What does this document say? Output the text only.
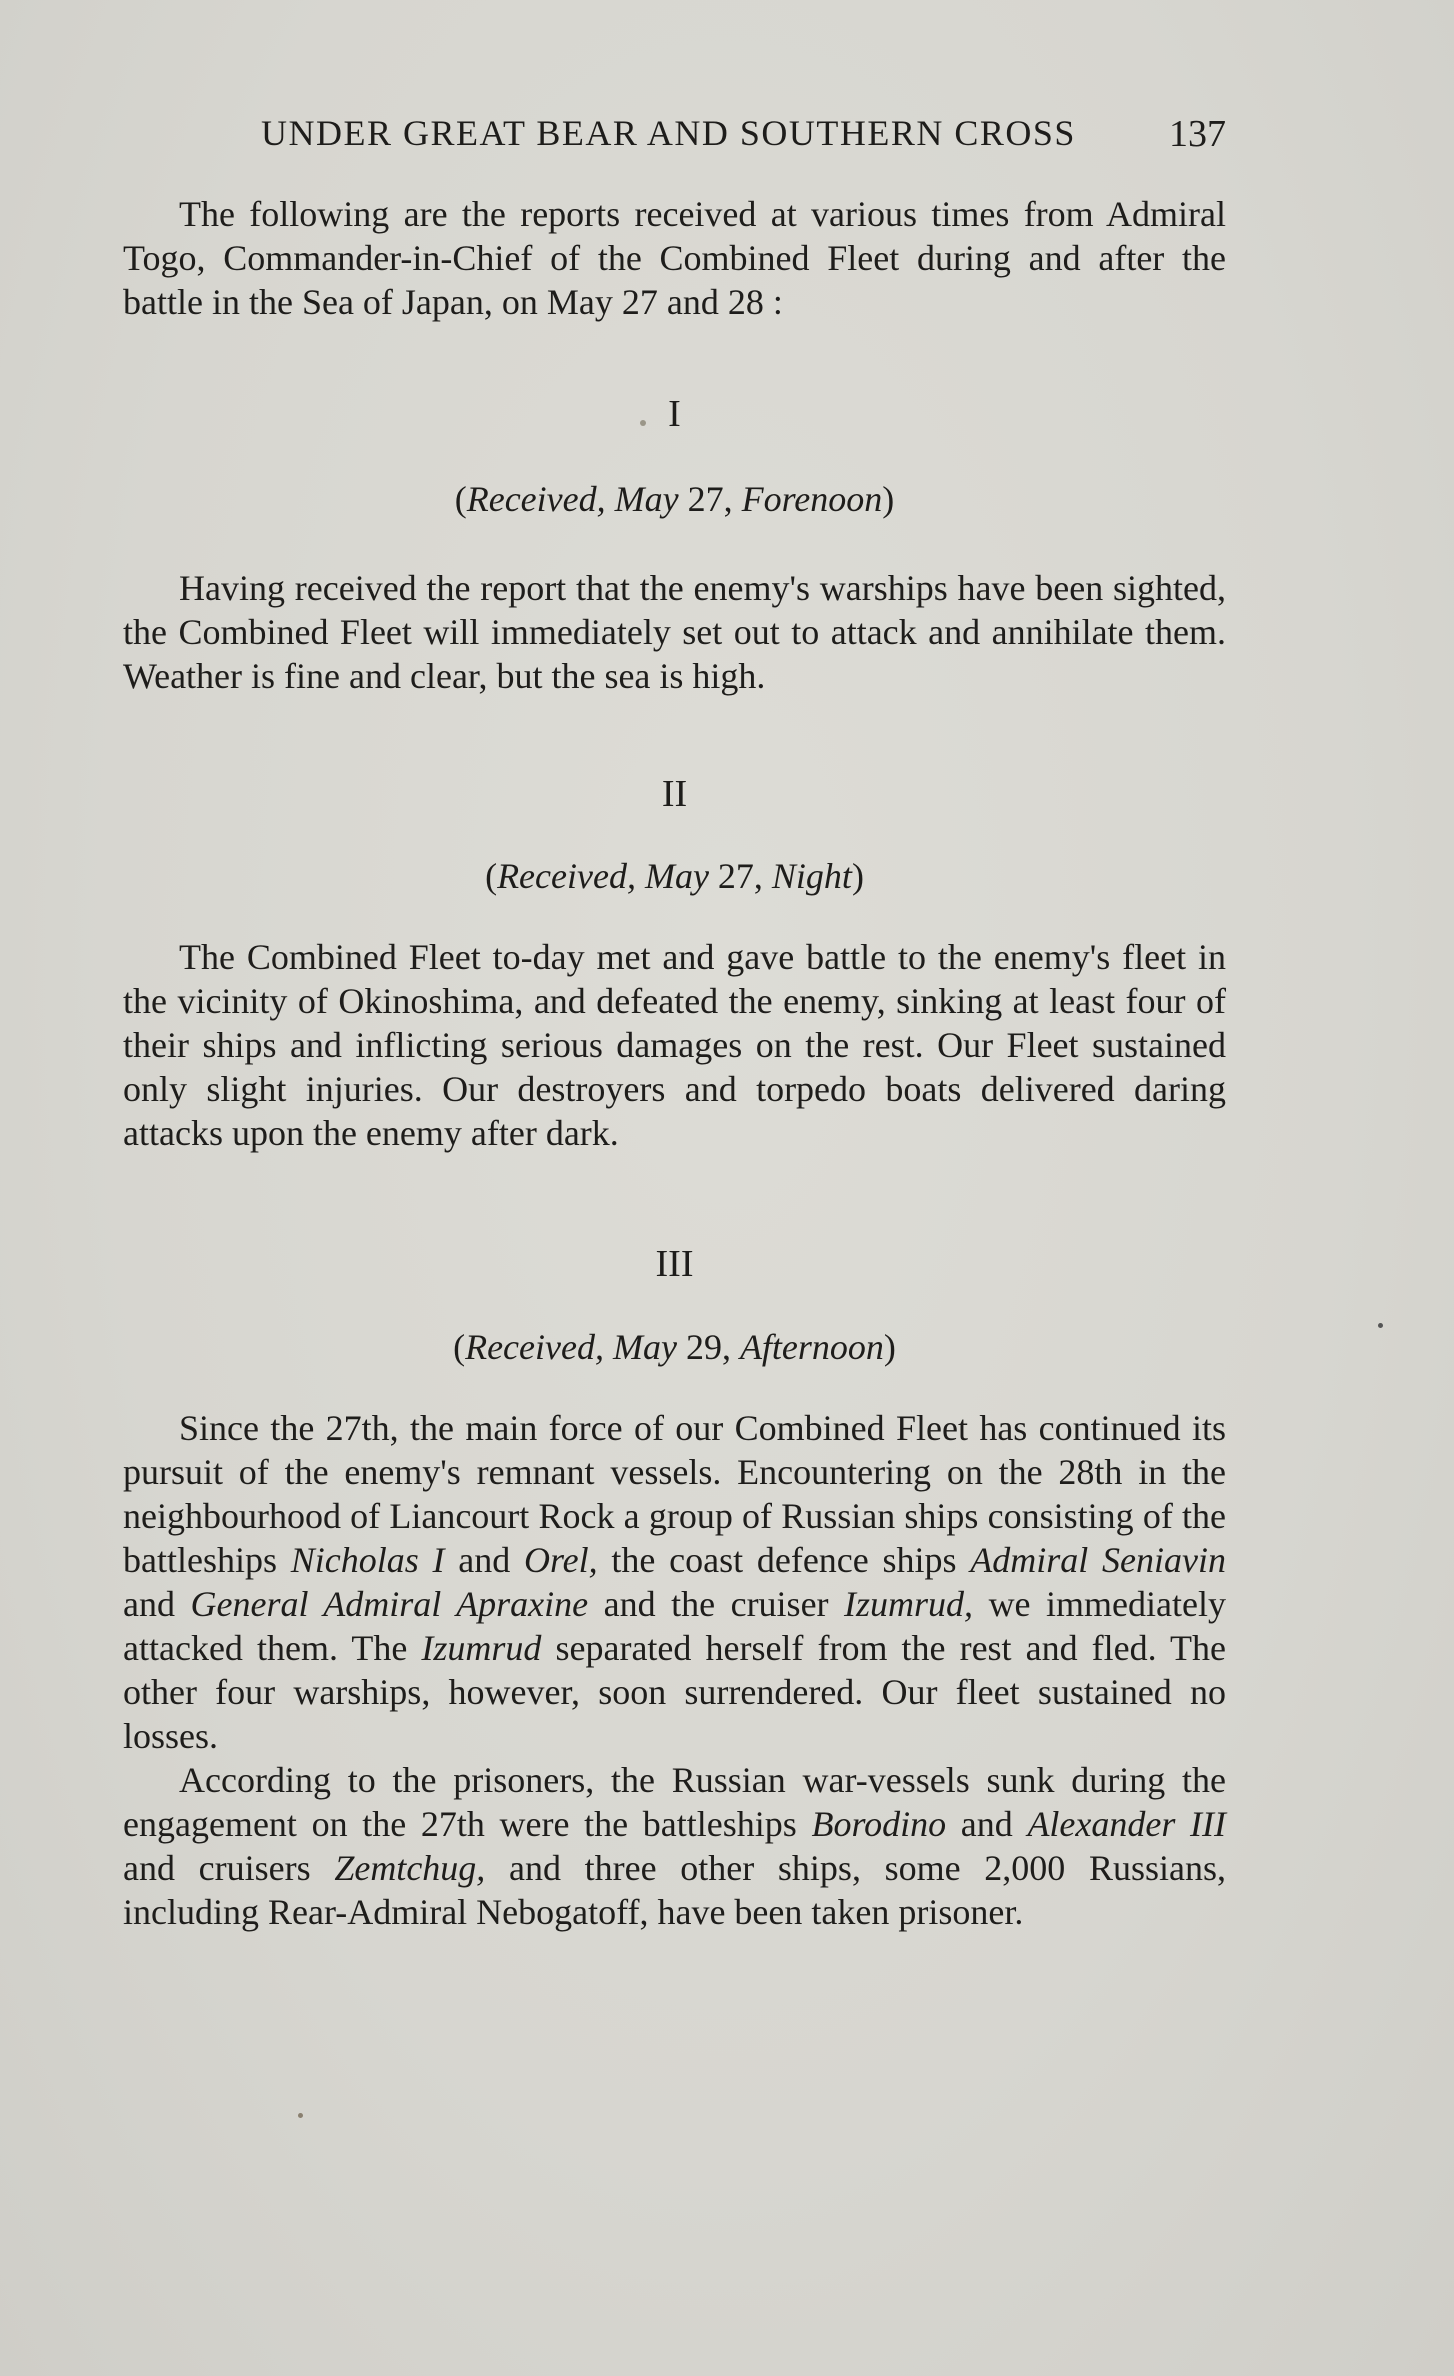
UNDER GREAT BEAR AND SOUTHERN CROSS 137

The following are the reports received at various times from Admiral Togo, Commander-in-Chief of the Combined Fleet during and after the battle in the Sea of Japan, on May 27 and 28 :

I
(Received, May 27, Forenoon)

Having received the report that the enemy's warships have been sighted, the Combined Fleet will immediately set out to attack and annihilate them. Weather is fine and clear, but the sea is high.

II
(Received, May 27, Night)

The Combined Fleet to-day met and gave battle to the enemy's fleet in the vicinity of Okinoshima, and defeated the enemy, sinking at least four of their ships and inflicting serious damages on the rest. Our Fleet sustained only slight injuries. Our destroyers and torpedo boats delivered daring attacks upon the enemy after dark.

III
(Received, May 29, Afternoon)

Since the 27th, the main force of our Combined Fleet has continued its pursuit of the enemy's remnant vessels. Encountering on the 28th in the neighbourhood of Liancourt Rock a group of Russian ships consisting of the battleships Nicholas I and Orel, the coast defence ships Admiral Seniavin and General Admiral Apraxine and the cruiser Izumrud, we immediately attacked them. The Izumrud separated herself from the rest and fled. The other four warships, however, soon surrendered. Our fleet sustained no losses.

According to the prisoners, the Russian war-vessels sunk during the engagement on the 27th were the battleships Borodino and Alexander III and cruisers Zemtchug, and three other ships, some 2,000 Russians, including Rear-Admiral Nebogatoff, have been taken prisoner.
